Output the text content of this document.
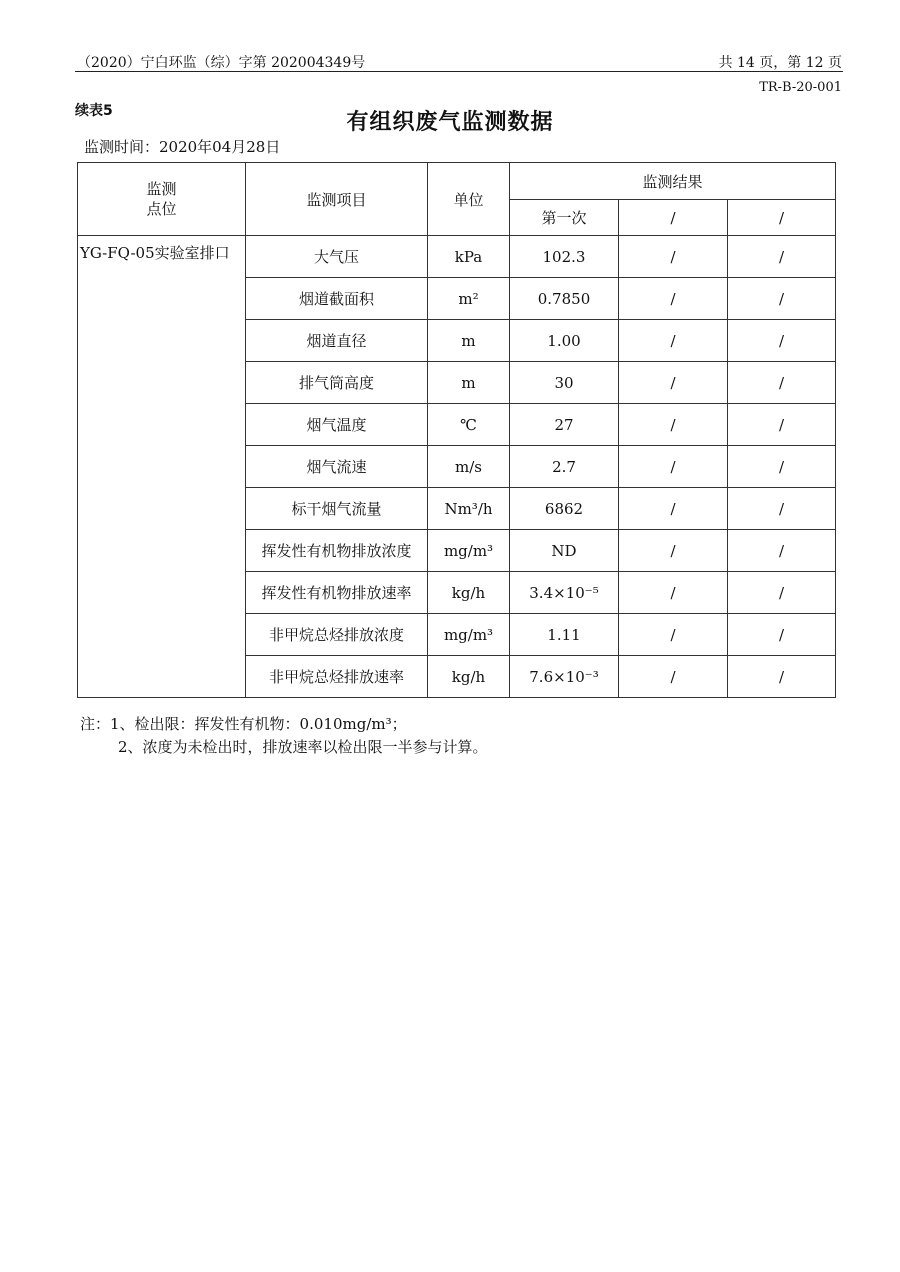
（2020）宁白环监（综）字第 202004349号	共 14 页，第 12 页
TR-B-20-001
续表5	有组织废气监测数据
监测时间：2020年04月28日
监测
点位	监测项目	单位	监测结果		
			第一次	/	/
YG-FQ-05实验室排口	大气压	kPa	102.3	/	/
	烟道截面积	m²	0.7850	/	/
	烟道直径	m	1.00	/	/
	排气筒高度	m	30	/	/
	烟气温度	℃	27	/	/
	烟气流速	m/s	2.7	/	/
	标干烟气流量	Nm³/h	6862	/	/
	挥发性有机物排放浓度	mg/m³	ND	/	/
	挥发性有机物排放速率	kg/h	3.4×10⁻⁵	/	/
	非甲烷总烃排放浓度	mg/m³	1.11	/	/
	非甲烷总烃排放速率	kg/h	7.6×10⁻³	/	/
注：1、检出限：挥发性有机物：0.010mg/m³；
2、浓度为未检出时，排放速率以检出限一半参与计算。
